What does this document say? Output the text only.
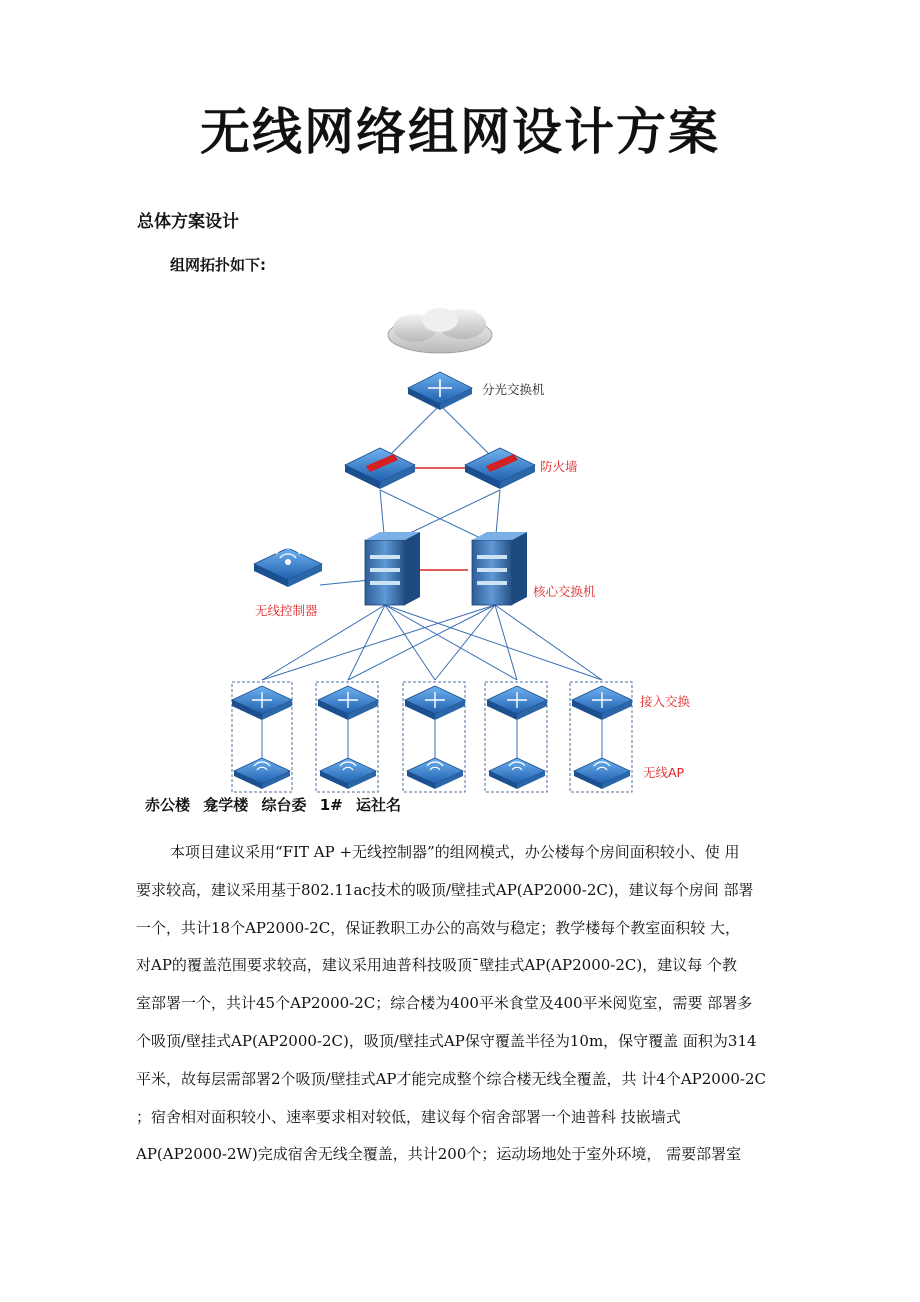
无线网络组网设计方案
总体方案设计
组网拓扑如下:
分光交换机
防火墙
无线控制器
核心交换机
接入交换
无线AP
赤公楼 龛学楼 综台委 1# 运社名
本项目建议采用“FIT AP +无线控制器”的组网模式，办公楼每个房间面积较小、使 用
要求较高，建议采用基于802.11ac技术的吸顶/壁挂式AP(AP2000-2C)，建议每个房间 部署
一个，共计18个AP2000-2C，保证教职工办公的高效与稳定；教学楼每个教室面积较 大，
对AP的覆盖范围要求较高，建议采用迪普科技吸顶ˉ壁挂式AP(AP2000-2C)，建议每 个教
室部署一个，共计45个AP2000-2C；综合楼为400平米食堂及400平米阅览室，需要 部署多
个吸顶/壁挂式AP(AP2000-2C)，吸顶/壁挂式AP保守覆盖半径为10m，保守覆盖 面积为314
平米，故每层需部署2个吸顶/壁挂式AP才能完成整个综合楼无线全覆盖，共 计4个AP2000-2C
；宿舍相对面积较小、速率要求相对较低，建议每个宿舍部署一个迪普科 技嵌墙式
AP(AP2000-2W)完成宿舍无线全覆盖，共计200个；运动场地处于室外环境， 需要部署室
